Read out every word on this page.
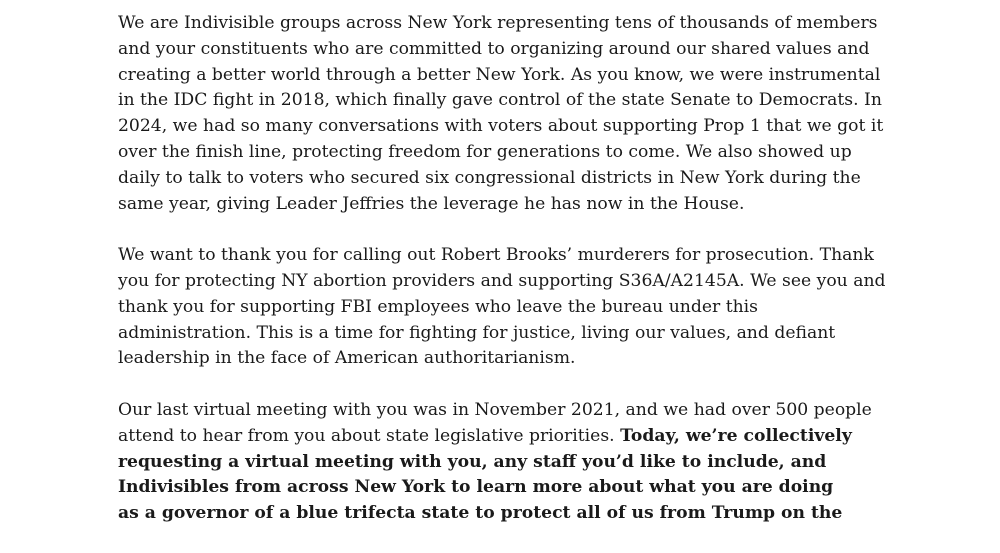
We are Indivisible groups across New York representing tens of thousands of members
and your constituents who are committed to organizing around our shared values and
creating a better world through a better New York. As you know, we were instrumental
in the IDC fight in 2018, which finally gave control of the state Senate to Democrats. In
2024, we had so many conversations with voters about supporting Prop 1 that we got it
over the finish line, protecting freedom for generations to come. We also showed up
daily to talk to voters who secured six congressional districts in New York during the
same year, giving Leader Jeffries the leverage he has now in the House.

We want to thank you for calling out Robert Brooks’ murderers for prosecution. Thank
you for protecting NY abortion providers and supporting S36A/A2145A. We see you and
thank you for supporting FBI employees who leave the bureau under this
administration. This is a time for fighting for justice, living our values, and defiant
leadership in the face of American authoritarianism.

Our last virtual meeting with you was in November 2021, and we had over 500 people
attend to hear from you about state legislative priorities. Today, we’re collectively
requesting a virtual meeting with you, any staff you’d like to include, and
Indivisibles from across New York to learn more about what you are doing
as a governor of a blue trifecta state to protect all of us from Trump on the
